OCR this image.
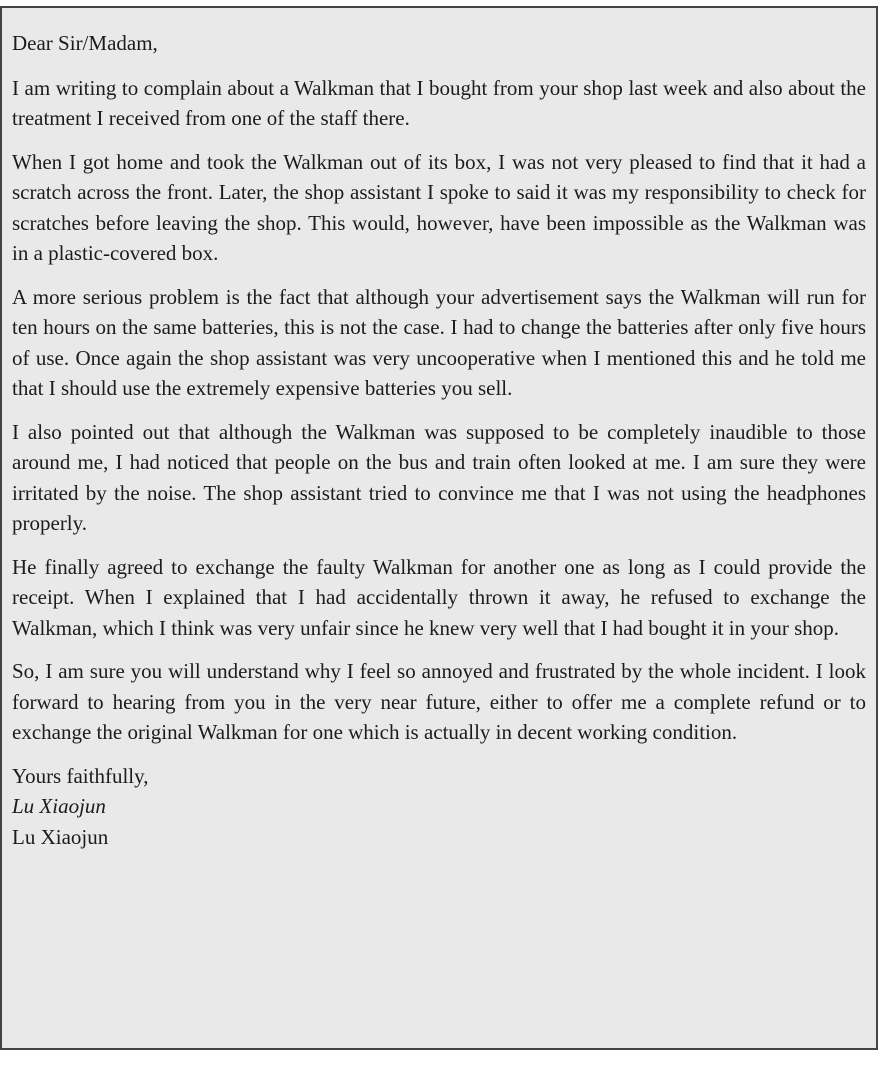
Dear Sir/Madam,

I am writing to complain about a Walkman that I bought from your shop last week and also about the treatment I received from one of the staff there.

When I got home and took the Walkman out of its box, I was not very pleased to find that it had a scratch across the front. Later, the shop assistant I spoke to said it was my responsibility to check for scratches before leaving the shop. This would, however, have been impossible as the Walkman was in a plastic-covered box.

A more serious problem is the fact that although your advertisement says the Walkman will run for ten hours on the same batteries, this is not the case. I had to change the batteries after only five hours of use. Once again the shop assistant was very uncooperative when I mentioned this and he told me that I should use the extremely expensive batteries you sell.

I also pointed out that although the Walkman was supposed to be completely inaudible to those around me, I had noticed that people on the bus and train often looked at me. I am sure they were irritated by the noise. The shop assistant tried to convince me that I was not using the headphones properly.

He finally agreed to exchange the faulty Walkman for another one as long as I could provide the receipt. When I explained that I had accidentally thrown it away, he refused to exchange the Walkman, which I think was very unfair since he knew very well that I had bought it in your shop.

So, I am sure you will understand why I feel so annoyed and frustrated by the whole incident. I look forward to hearing from you in the very near future, either to offer me a complete refund or to exchange the original Walkman for one which is actually in decent working condition.

Yours faithfully,
Lu Xiaojun
Lu Xiaojun
